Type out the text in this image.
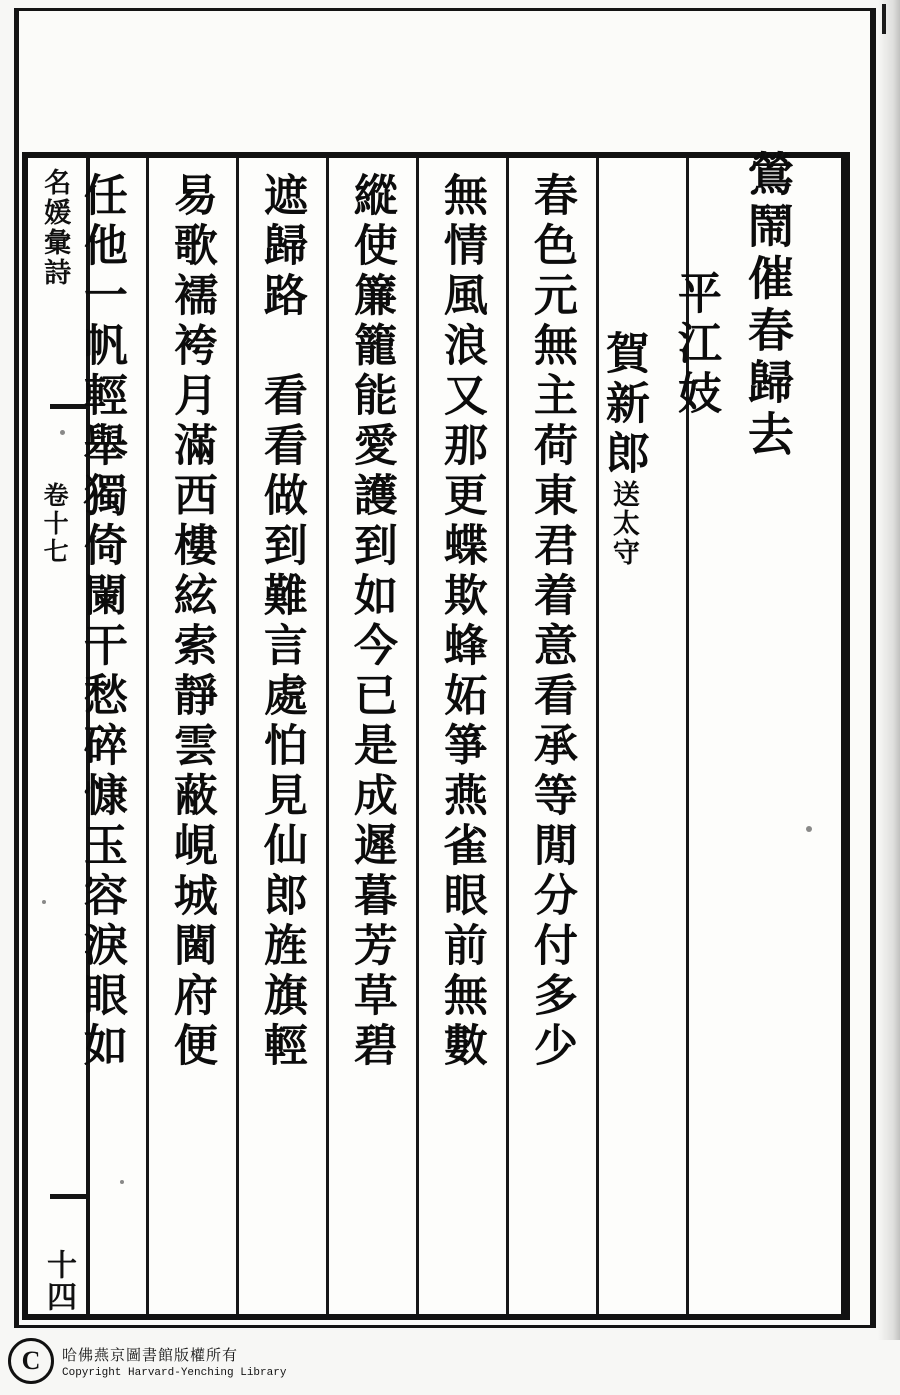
名媛彙詩
卷十七
鶯鬧催春歸去
平江妓
賀新郎送太守
春色元無主荷東君着意看承等閒分付多少
無情風浪又那更蝶欺蜂妬箏燕雀眼前無數
縱使簾籠能愛護到如今已是成遲暮芳草碧
遮歸路　看看做到難言處怕見仙郎旌旗輕
易歌襦袴月滿西樓絃索靜雲蔽峴城閫府便
任他一帆輕舉獨倚闌干愁碎慷玉容淚眼如
十四
C	哈佛燕京圖書館版權所有
Copyright Harvard-Yenching Library
